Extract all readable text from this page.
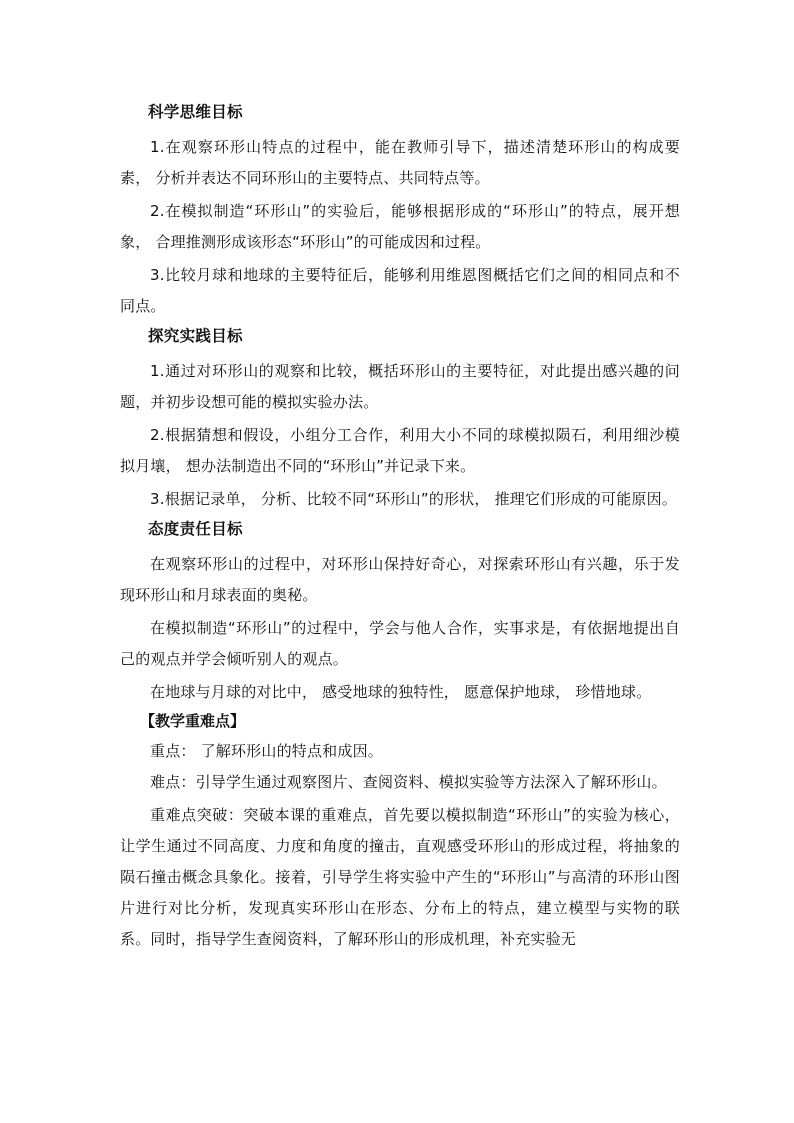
科学思维目标

1.在观察环形山特点的过程中，能在教师引导下，描述清楚环形山的构成要素， 分析并表达不同环形山的主要特点、共同特点等。

2.在模拟制造“环形山”的实验后，能够根据形成的“环形山”的特点，展开想象， 合理推测形成该形态“环形山”的可能成因和过程。

3.比较月球和地球的主要特征后，能够利用维恩图概括它们之间的相同点和不同点。

探究实践目标

1.通过对环形山的观察和比较，概括环形山的主要特征，对此提出感兴趣的问题，并初步设想可能的模拟实验办法。

2.根据猜想和假设，小组分工合作，利用大小不同的球模拟陨石，利用细沙模拟月壤， 想办法制造出不同的“环形山”并记录下来。

3.根据记录单， 分析、比较不同“环形山”的形状， 推理它们形成的可能原因。

态度责任目标

在观察环形山的过程中，对环形山保持好奇心，对探索环形山有兴趣，乐于发现环形山和月球表面的奥秘。

在模拟制造“环形山”的过程中，学会与他人合作，实事求是，有依据地提出自己的观点并学会倾听别人的观点。

在地球与月球的对比中， 感受地球的独特性， 愿意保护地球， 珍惜地球。

【教学重难点】

重点： 了解环形山的特点和成因。

难点：引导学生通过观察图片、查阅资料、模拟实验等方法深入了解环形山。

重难点突破：突破本课的重难点，首先要以模拟制造“环形山”的实验为核心，让学生通过不同高度、力度和角度的撞击，直观感受环形山的形成过程，将抽象的陨石撞击概念具象化。接着，引导学生将实验中产生的“环形山”与高清的环形山图片进行对比分析，发现真实环形山在形态、分布上的特点，建立模型与实物的联系。同时，指导学生查阅资料，了解环形山的形成机理，补充实验无
